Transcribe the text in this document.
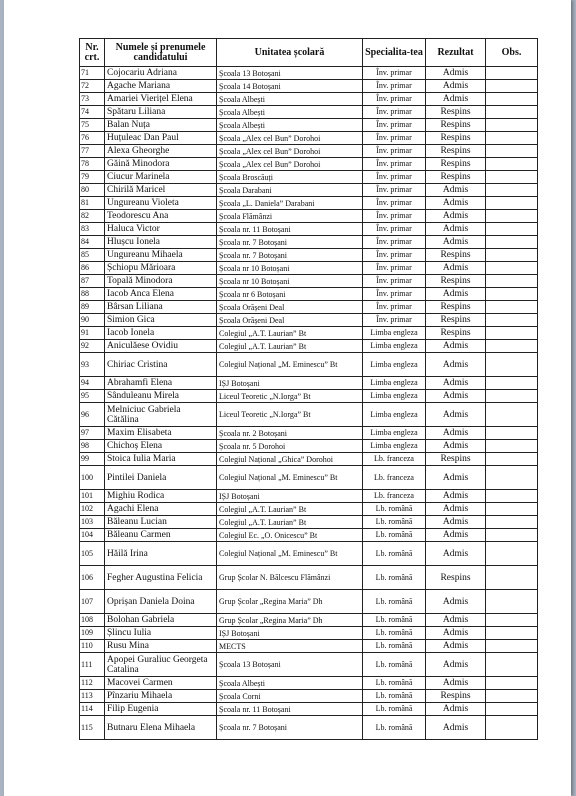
Nr. crt.	Numele și prenumele candidatului	Unitatea școlară	Specialita-tea	Rezultat	Obs.
71	Cojocariu Adriana	Școala 13 Botoșani	Înv. primar	Admis	
72	Agache Mariana	Școala 14 Botoșani	Înv. primar	Admis	
73	Amariei Vierițel Elena	Școala Albești	Înv. primar	Admis	
74	Spătaru Liliana	Școala Albești	Înv. primar	Respins	
75	Balan Nuța	Școala Albești	Înv. primar	Respins	
76	Huțuleac Dan Paul	Școala „Alex cel Bun” Dorohoi	Înv. primar	Respins	
77	Alexa Gheorghe	Școala „Alex cel Bun” Dorohoi	Înv. primar	Respins	
78	Găină Minodora	Școala „Alex cel Bun” Dorohoi	Înv. primar	Respins	
79	Ciucur Marinela	Școala Broscăuți	Înv. primar	Respins	
80	Chirilă Maricel	Școala Darabani	Înv. primar	Admis	
81	Ungureanu Violeta	Școala „L. Daniela” Darabani	Înv. primar	Admis	
82	Teodorescu Ana	Școala Flămânzi	Înv. primar	Admis	
83	Haluca Victor	Școala nr. 11 Botoșani	Înv. primar	Admis	
84	Hlușcu Ionela	Școala nr. 7 Botoșani	Înv. primar	Admis	
85	Ungureanu Mihaela	Școala nr. 7 Botoșani	Înv. primar	Respins	
86	Șchiopu Mărioara	Școala nr 10 Botoșani	Înv. primar	Admis	
87	Topală Minodora	Școala nr 10 Botoșani	Înv. primar	Respins	
88	Iacob Anca Elena	Școala nr 6 Botoșani	Înv. primar	Admis	
89	Bârsan Liliana	Școala Orășeni Deal	Înv. primar	Respins	
90	Simion Gica	Școala Orășeni Deal	Înv. primar	Respins	
91	Iacob Ionela	Colegiul „A.T. Laurian” Bt	Limba engleza	Respins	
92	Aniculăese Ovidiu	Colegiul „A.T. Laurian” Bt	Limba engleza	Admis	
93	Chiriac Cristina	Colegiul Național „M. Eminescu” Bt	Limba engleza	Admis	
94	Abrahamfi Elena	IȘJ Botoșani	Limba engleza	Admis	
95	Sânduleanu Mirela	Liceul Teoretic „N.Iorga” Bt	Limba engleza	Admis	
96	Melniciuc Gabriela Cătălina	Liceul Teoretic „N.Iorga” Bt	Limba engleza	Admis	
97	Maxim Elisabeta	Școala nr. 2 Botoșani	Limba engleza	Admis	
98	Chichoș Elena	Școala nr. 5 Dorohoi	Limba engleza	Admis	
99	Stoica Iulia Maria	Colegiul Național „Ghica” Dorohoi	Lb. franceza	Respins	
100	Pintilei Daniela	Colegiul Național „M. Eminescu” Bt	Lb. franceza	Admis	
101	Mighiu Rodica	IȘJ Botoșani	Lb. franceza	Admis	
102	Agachi Elena	Colegiul „A.T. Laurian” Bt	Lb. română	Admis	
103	Băleanu Lucian	Colegiul „A.T. Laurian” Bt	Lb. română	Admis	
104	Băleanu Carmen	Colegiul Ec. „O. Onicescu” Bt	Lb. română	Admis	
105	Hăilă Irina	Colegiul Național „M. Eminescu” Bt	Lb. română	Admis	
106	Fegher Augustina Felicia	Grup Școlar N. Bălcescu Flămânzi	Lb. română	Respins	
107	Oprișan Daniela Doina	Grup Școlar „Regina Maria” Dh	Lb. română	Admis	
108	Bolohan Gabriela	Grup Școlar „Regina Maria” Dh	Lb. română	Admis	
109	Șlincu Iulia	IȘJ Botoșani	Lb. română	Admis	
110	Rusu Mina	MECTS	Lb. română	Admis	
111	Apopei Guraliuc Georgeta Catalina	Școala 13 Botoșani	Lb. română	Admis	
112	Macovei Carmen	Școala Albești	Lb. română	Admis	
113	Pînzariu Mihaela	Școala Corni	Lb. română	Respins	
114	Filip Eugenia	Școala nr. 11 Botoșani	Lb. română	Admis	
115	Butnaru Elena Mihaela	Școala nr. 7 Botoșani	Lb. română	Admis	
